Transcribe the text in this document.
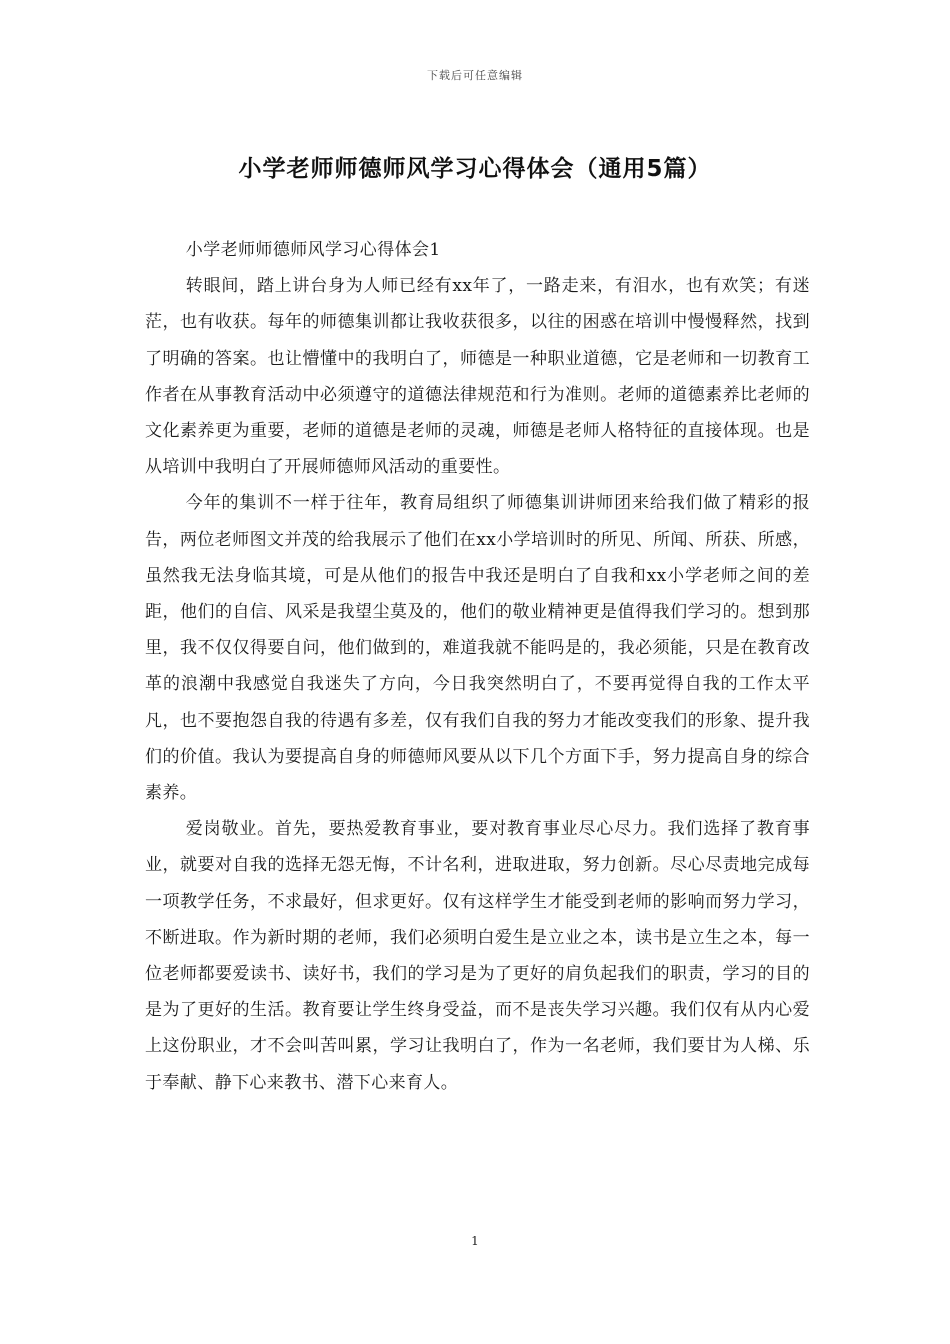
下载后可任意编辑
小学老师师德师风学习心得体会（通用5篇）

小学老师师德师风学习心得体会1

转眼间，踏上讲台身为人师已经有xx年了，一路走来，有泪水，也有欢笑；有迷茫，也有收获。每年的师德集训都让我收获很多，以往的困惑在培训中慢慢释然，找到了明确的答案。也让懵懂中的我明白了，师德是一种职业道德，它是老师和一切教育工作者在从事教育活动中必须遵守的道德法律规范和行为准则。老师的道德素养比老师的文化素养更为重要，老师的道德是老师的灵魂，师德是老师人格特征的直接体现。也是从培训中我明白了开展师德师风活动的重要性。

今年的集训不一样于往年，教育局组织了师德集训讲师团来给我们做了精彩的报告，两位老师图文并茂的给我展示了他们在xx小学培训时的所见、所闻、所获、所感，虽然我无法身临其境，可是从他们的报告中我还是明白了自我和xx小学老师之间的差距，他们的自信、风采是我望尘莫及的，他们的敬业精神更是值得我们学习的。想到那里，我不仅仅得要自问，他们做到的，难道我就不能吗是的，我必须能，只是在教育改革的浪潮中我感觉自我迷失了方向，今日我突然明白了，不要再觉得自我的工作太平凡，也不要抱怨自我的待遇有多差，仅有我们自我的努力才能改变我们的形象、提升我们的价值。我认为要提高自身的师德师风要从以下几个方面下手，努力提高自身的综合素养。

爱岗敬业。首先，要热爱教育事业，要对教育事业尽心尽力。我们选择了教育事业，就要对自我的选择无怨无悔，不计名利，进取进取，努力创新。尽心尽责地完成每一项教学任务，不求最好，但求更好。仅有这样学生才能受到老师的影响而努力学习，不断进取。作为新时期的老师，我们必须明白爱生是立业之本，读书是立生之本，每一位老师都要爱读书、读好书，我们的学习是为了更好的肩负起我们的职责，学习的目的是为了更好的生活。教育要让学生终身受益，而不是丧失学习兴趣。我们仅有从内心爱上这份职业，才不会叫苦叫累，学习让我明白了，作为一名老师，我们要甘为人梯、乐于奉献、静下心来教书、潜下心来育人。

1
